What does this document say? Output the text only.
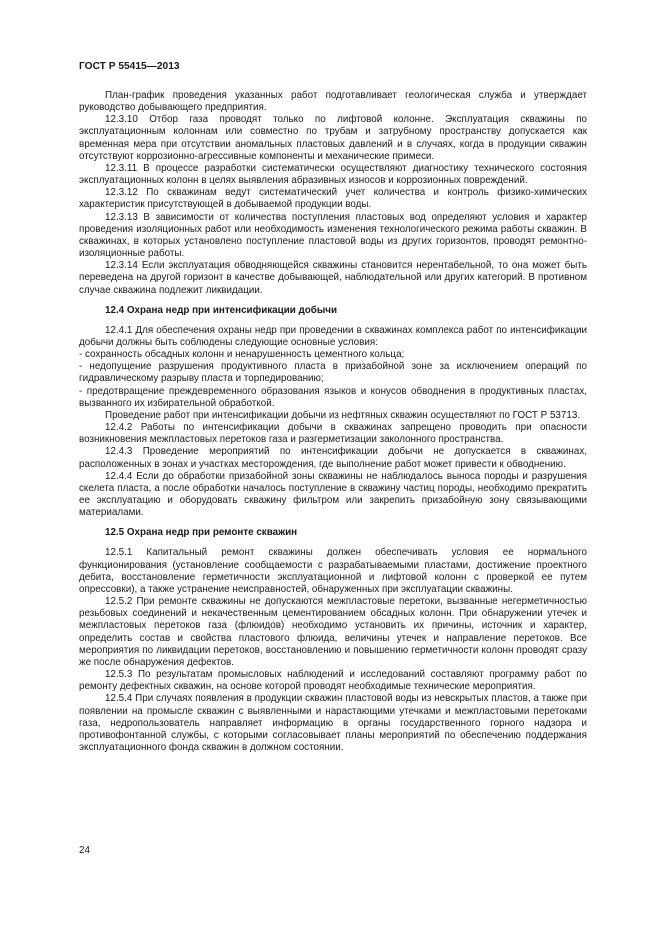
ГОСТ Р 55415—2013

План-график проведения указанных работ подготавливает геологическая служба и утверждает руководство добывающего предприятия.

12.3.10 Отбор газа проводят только по лифтовой колонне. Эксплуатация скважины по эксплуатационным колоннам или совместно по трубам и затрубному пространству допускается как временная мера при отсутствии аномальных пластовых давлений и в случаях, когда в продукции скважин отсутствуют коррозионно-агрессивные компоненты и механические примеси.

12.3.11 В процессе разработки систематически осуществляют диагностику технического состояния эксплуатационных колонн в целях выявления абразивных износов и коррозионных повреждений.

12.3.12 По скважинам ведут систематический учет количества и контроль физико-химических характеристик присутствующей в добываемой продукции воды.

12.3.13 В зависимости от количества поступления пластовых вод определяют условия и характер проведения изоляционных работ или необходимость изменения технологического режима работы скважин. В скважинах, в которых установлено поступление пластовой воды из других горизонтов, проводят ремонтно-изоляционные работы.

12.3.14 Если эксплуатация обводняющейся скважины становится нерентабельной, то она может быть переведена на другой горизонт в качестве добывающей, наблюдательной или других категорий. В противном случае скважина подлежит ликвидации.

12.4 Охрана недр при интенсификации добычи

12.4.1 Для обеспечения охраны недр при проведении в скважинах комплекса работ по интенсификации добычи должны быть соблюдены следующие основные условия:

- сохранность обсадных колонн и ненарушенность цементного кольца;

- недопущение разрушения продуктивного пласта в призабойной зоне за исключением операций по гидравлическому разрыву пласта и торпедированию;

- предотвращение преждевременного образования языков и конусов обводнения в продуктивных пластах, вызванного их избирательной обработкой.

Проведение работ при интенсификации добычи из нефтяных скважин осуществляют по ГОСТ Р 53713.

12.4.2 Работы по интенсификации добычи в скважинах запрещено проводить при опасности возникновения межпластовых перетоков газа и разгерметизации заколонного пространства.

12.4.3 Проведение мероприятий по интенсификации добычи не допускается в скважинах, расположенных в зонах и участках месторождения, где выполнение работ может привести к обводнению.

12.4.4 Если до обработки призабойной зоны скважины не наблюдалось выноса породы и разрушения скелета пласта, а после обработки началось поступление в скважину частиц породы, необходимо прекратить ее эксплуатацию и оборудовать скважину фильтром или закрепить призабойную зону связывающими материалами.

12.5 Охрана недр при ремонте скважин

12.5.1 Капитальный ремонт скважины должен обеспечивать условия ее нормального функционирования (установление сообщаемости с разрабатываемыми пластами, достижение проектного дебита, восстановление герметичности эксплуатационной и лифтовой колонн с проверкой ее путем опрессовки), а также устранение неисправностей, обнаруженных при эксплуатации скважины.

12.5.2 При ремонте скважины не допускаются межпластовые перетоки, вызванные негерметичностью резьбовых соединений и некачественным цементированием обсадных колонн. При обнаружении утечек и межпластовых перетоков газа (флюидов) необходимо установить их причины, источник и характер, определить состав и свойства пластового флюида, величины утечек и направление перетоков. Все мероприятия по ликвидации перетоков, восстановлению и повышению герметичности колонн проводят сразу же после обнаружения дефектов.

12.5.3 По результатам промысловых наблюдений и исследований составляют программу работ по ремонту дефектных скважин, на основе которой проводят необходимые технические мероприятия.

12.5.4 При случаях появления в продукции скважин пластовой воды из невскрытых пластов, а также при появлении на промысле скважин с выявленными и нарастающими утечками и межпластовыми перетоками газа, недропользователь направляет информацию в органы государственного горного надзора и противофонтанной службы, с которыми согласовывает планы мероприятий по обеспечению поддержания эксплуатационного фонда скважин в должном состоянии.

24
